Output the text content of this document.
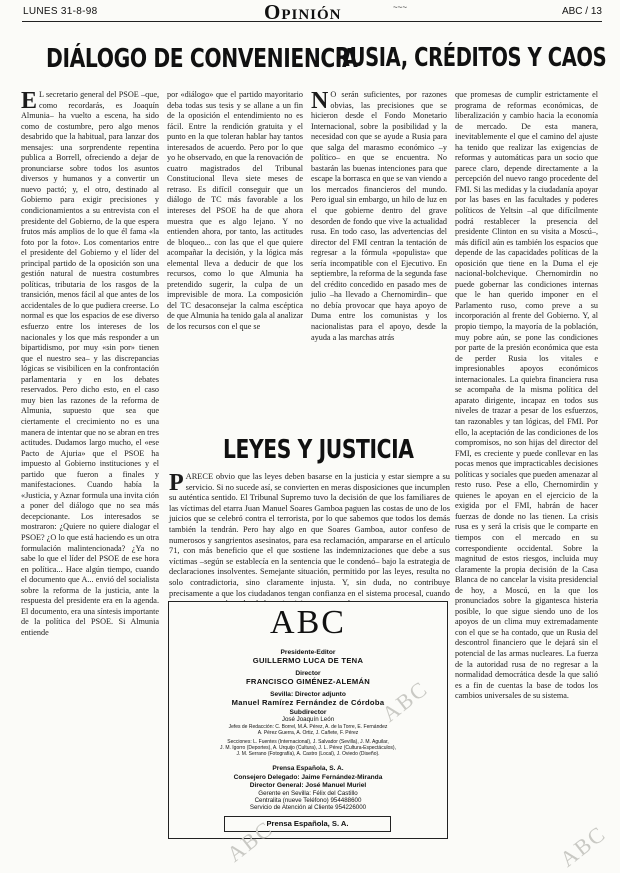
LUNES 31-8-98	~~~
Opinión	ABC / 13
DIÁLOGO DE CONVENIENCIA
RUSIA, CRÉDITOS Y CAOS
E L secretario general del PSOE –que, como recordarás, es Joaquín Almunia– ha vuelto a escena, ha sido como de costumbre, pero algo menos desabrido que la habitual, para lanzar dos mensajes: una sorprendente repentina publica a Borrell, ofreciendo a dejar de pronunciarse sobre todos los asuntos diversos y humanos y a convertir un nuevo pactó; y, el otro, destinado al Gobierno para exigir precisiones y condicionamientos a su entrevista con el presidente del Gobierno, de la que espera frutos más amplios de lo que él fama «la foto por la foto». Los comentarios entre el presidente del Gobierno y el líder del principal partido de la oposición son una gestión natural de nuestra costumbres políticas, tributaria de los rasgos de la transición, menos fácil al que antes de los accidentales de lo que pudiera creerse. Lo normal es que los espacios de ese diverso esfuerzo entre los intereses de los nacionales y los que más responder a un bipartidismo, por muy «sin por» tienen que el nuestro sea– y las discrepancias lógicas se visibilicen en la confrontación parlamentaria y en los debates reservados. Pero dicho esto, en el caso muy bien las razones de la reforma de Almunia, supuesto que sea que ciertamente el crecimiento no es una manera de intentar que no se abran en tres actitudes. Dudamos largo mucho, el «ese Pacto de Ajuria» que el PSOE ha impuesto al Gobierno instituciones y el partido que fueron a finales y manifestaciones. Cuando había la «Justicia, y Aznar formula una invita ción a poner del diálogo que no sea más decepcionante. Los interesados se mostraron: ¿Quiere no quiere dialogar el PSOE? ¿O lo que está haciendo es un otra formulación malintencionada? ¿Ya no sabe lo que el líder del PSOE de ese hora en política... Hace algún tiempo, cuando el documento que A... envió del socialista sobre la reforma de la justicia, ante la respuesta del presidente era en la agenda. El documento, era una síntesis importante de la política del PSOE. Si Almunia entiende
por «diálogo» que el partido mayoritario deba todas sus tesis y se allane a un fin de la oposición el entendimiento no es fácil. Entre la rendición gratuita y el punto en la que toleran hablar hay tantos interesados de acuerdo. Pero por lo que yo he observado, en que la renovación de cuatro magistrados del Tribunal Constitucional lleva siete meses de retraso. Es difícil conseguir que un diálogo de TC más favorable a los intereses del PSOE ha de que ahora muestra que es algo lejano. Y no entienden ahora, por tanto, las actitudes de bloqueo... con las que el que quiere acompañar la decisión, y la lógica más elemental lleva a deducir de que los recursos, como lo que Almunia ha pretendido sugerir, la culpa de un imprevisible de mora. La composición del TC desaconsejar la calma escéptica de que Almunia ha tenido gala al analizar de los recursos con el que se
N O serán suficientes, por razones obvias, las precisiones que se hicieron desde el Fondo Monetario Internacional, sobre la posibilidad y la necesidad con que se ayude a Rusia para que salga del marasmo económico –y político– en que se encuentra. No bastarán las buenas intenciones para que escape la borrasca en que se van viendo a los mercados financieros del mundo. Pero igual sin embargo, un hilo de luz en el que gobierne dentro del grave desorden de fondo que vive la actualidad rusa. En todo caso, las advertencias del director del FMI centran la tentación de regresar a la fórmula «populista» que sería incompatible con el Ejecutivo. En septiembre, la reforma de la segunda fase del crédito concedido en pasado mes de julio –ha llevado a Chernomirdin– que no debía provocar que haya apoyo de Duma entre los comunistas y los nacionalistas para el apoyo, desde la ayuda a las marchas atrás
que promesas de cumplir estrictamente el programa de reformas económicas, de liberalización y cambio hacia la economía de mercado. De esta manera, inevitablemente el que el camino del ajuste ha tenido que realizar las exigencias de reformas y automáticas para un socio que parece claro, depende directamente a la percepción del nuevo rango procedente del FMI. Si las medidas y la ciudadanía apoyar por las bases en las facultades y poderes políticos de Yeltsin –al que difícilmente podrá restablecer la presencia del presidente Clinton en su visita a Moscú–, más difícil aún es también los espacios que depende de las capacidades políticas de la oposición que tiene en la Duma el eje nacional-bolchevique. Chernomirdin no puede gobernar las condiciones internas que le han querido imponer en el Parlamento ruso, como preve a su incorporación al frente del Gobierno. Y, al propio tiempo, la mayoría de la población, muy pobre aún, se pone las condiciones por parte de la presión económica que esta de perder Rusia los vitales e impresionables apoyos económicos internacionales. La quiebra financiera rusa se acompaña de la misma política del aparato dirigente, incapaz en todos sus niveles de trazar a pesar de los esfuerzos, tan razonables y tan lógicas, del FMI. Por ello, la aceptación de las condiciones de los compromisos, no son hijas del director del FMI, es creciente y puede conllevar en las pocas menos que impracticables decisiones políticas y sociales que pueden amenazar al resto ruso. Pese a ello, Chernomirdin y quienes le apoyan en el ejercicio de la exigida por el FMI, habrán de hacer fuerzas de donde no las tienen. La crisis rusa es y será la crisis que le comparte en tiempos con el mercado en su correspondiente occidental. Sobre la magnitud de estos riesgos, incluida muy claramente la propia decisión de la Casa Blanca de no cancelar la visita presidencial de hoy, a Moscú, en la que los pronunciados sobre la gigantesca histeria posible, lo que sigue siendo uno de los apoyos de un clima muy extremadamente con el que se ha contado, que un Rusia del descontrol financiero que le dejará sin el potencial de las armas nucleares. La fuerza de la autoridad rusa de no regresar a la normalidad democrática desde la que salió es a fin de cuentas la base de todos los cambios universales de su sistema.
LEYES Y JUSTICIA
PARECE obvio que las leyes deben basarse en la justicia y estar siempre a su servicio. Si no sucede así, se convierten en meras disposiciones que incumplen su auténtica sentido. El Tribunal Supremo tuvo la decisión de que los familiares de las víctimas del etarra Juan Manuel Soares Gamboa paguen las costas de uno de los juicios que se celebró contra el terrorista, por lo que sabemos que todos los demás también la tendrán. Pero hay algo en que Soares Gamboa, autor confeso de numerosos y sangrientos asesinatos, para esa reclamación, ampararse en el artículo 71, con más beneficio que el que sostiene las indemnizaciones que debe a sus víctimas –según se establecía en la sentencia que le condenó– bajo la estrategia de declaraciones insolventes. Semejante situación, permitido por las leyes, resulta no solo contradictoria, sino claramente injusta. Y, sin duda, no contribuye precisamente a que los ciudadanos tengan confianza en el sistema procesal, cuando
ABC
Presidente-Editor
GUILLERMO LUCA DE TENA
Director
FRANCISCO GIMÉNEZ-ALEMÁN
Sevilla: Director adjunto
Manuel Ramírez Fernández de Córdoba
Subdirector
José Joaquín León
Jefes de Redacción: C. Borrel, M.Á. Pérez, A. de la Torre, E. Fernández
A. Pérez Guerra, A. Ortiz, J. Cañete, F. Pérez
Secciones: L. Fuentes (Internacional), J. Salvador (Sevilla), J. M. Aguilar,
J. M. Igorro (Deportes), A. Urquijo (Cultura), J. L. Pérez (Cultura-Espectáculos),
J. M. Serrano (Fotografía), A. Castro (Local), J. Oviedo (Diseño).
Prensa Española, S. A.
Consejero Delegado: Jaime Fernández-Miranda
Director General: José Manuel Muriel
Gerente en Sevilla: Félix del Castillo
Centralita (nueve Teléfono) 954488600
Servicio de Atención al Cliente 954226000
Prensa Española, S. A.
ABC
ABC	ABC
